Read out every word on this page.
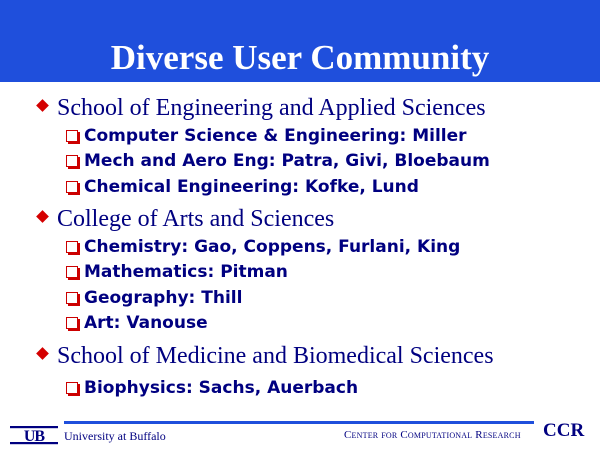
Diverse User Community
School of Engineering and Applied Sciences
Computer Science & Engineering: Miller
Mech and Aero Eng: Patra, Givi, Bloebaum
Chemical Engineering: Kofke, Lund
College of Arts and Sciences
Chemistry: Gao, Coppens, Furlani, King
Mathematics: Pitman
Geography: Thill
Art: Vanouse
School of Medicine and Biomedical Sciences
Biophysics: Sachs, Auerbach
UB University at Buffalo	Center for Computational Research CCR
